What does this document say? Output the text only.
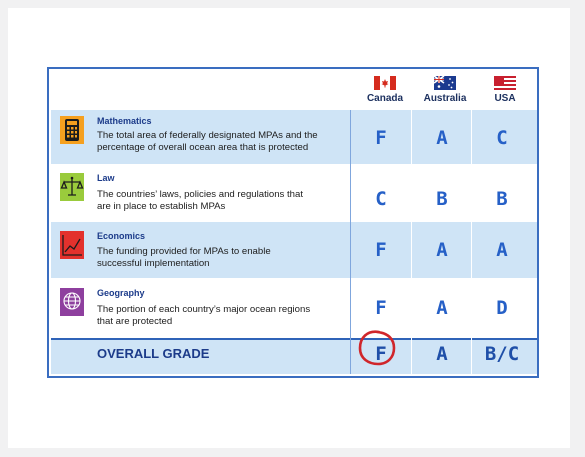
Canada	Australia	USA
Mathematics
The total area of federally designated MPAs and the
percentage of overall ocean area that is protected	F	A	C
Law
The countries’ laws, policies and regulations that
are in place to establish MPAs	C	B	B
Economics
The funding provided for MPAs to enable
successful implementation
F	A	A
Geography
The portion of each country’s major ocean regions
that are protected
F	A	D
OVERALL GRADE	F	A	B/C
